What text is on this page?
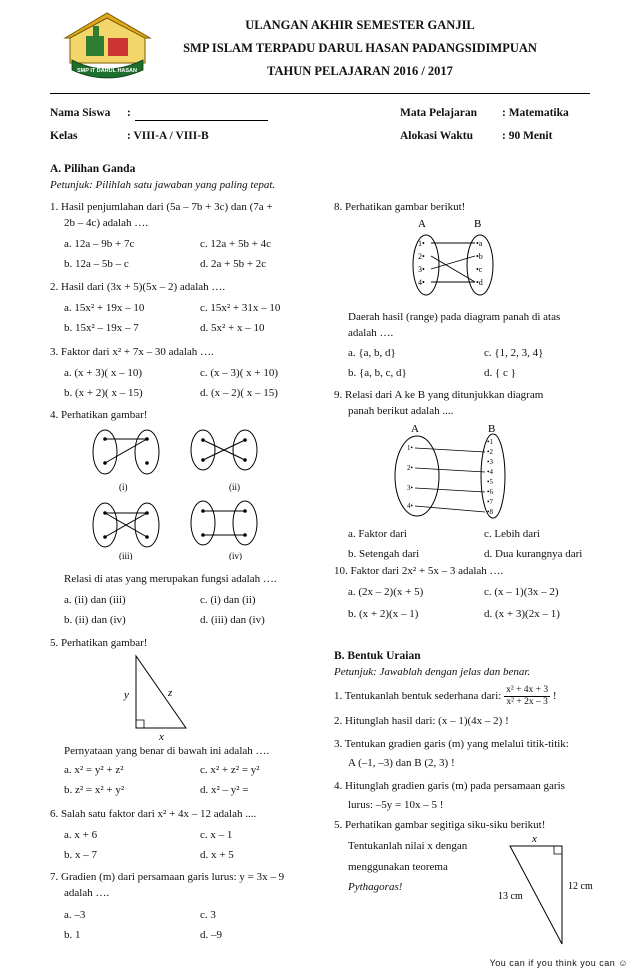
SMP IT DARUL HASAN
ULANGAN AKHIR SEMESTER GANJIL
SMP ISLAM TERPADU DARUL HASAN PADANGSIDIMPUAN
TAHUN PELAJARAN 2016 / 2017
Nama Siswa :
Kelas	: VIII-A / VIII-B
Mata Pelajaran : Matematika
Alokasi Waktu	: 90 Menit
A. Pilihan Ganda
Petunjuk: Pilihlah satu jawaban yang paling tepat.
1. Hasil penjumlahan dari (5a – 7b + 3c) dan (7a +
2b – 4c) adalah ….
a. 12a – 9b + 7c	c. 12a + 5b + 4c
b. 12a – 5b – c	d. 2a + 5b + 2c
2. Hasil dari (3x + 5)(5x – 2) adalah ….
a. 15x² + 19x – 10	c. 15x² + 31x – 10
b. 15x² – 19x – 7	d. 5x² + x – 10
3. Faktor dari x² + 7x – 30 adalah ….
a. (x + 3)( x – 10)	c. (x – 3)( x + 10)
b. (x + 2)( x – 15)	d. (x – 2)( x – 15)
4. Perhatikan gambar!
(i)	(ii)
(iii)	(iv)
Relasi di atas yang merupakan fungsi adalah ….
a. (ii) dan (iii)	c. (i) dan (ii)
b. (ii) dan (iv)	d. (iii) dan (iv)
5. Perhatikan gambar!
y	z
x
Pernyataan yang benar di bawah ini adalah ….
a. x² = y² + z²	c. x² + z² = y²
b. z² = x² + y²	d. x² – y² =
6. Salah satu faktor dari x² + 4x – 12 adalah ....
a. x + 6	c. x – 1
b. x – 7	d. x + 5
7. Gradien (m) dari persamaan garis lurus: y = 3x – 9
adalah ….
a. –3	c. 3
b. 1	d. –9
8. Perhatikan gambar berikut!
A	B
1•
2•
3•
4•
•a
•b
•c
•d
Daerah hasil (range) pada diagram panah di atas
adalah ….
a. {a, b, d}	c. {1, 2, 3, 4}
b. {a, b, c, d}	d. { c }
9. Relasi dari A ke B yang ditunjukkan diagram
panah berikut adalah ....
A	B
1•
2•
3•
4•
•1
•2
•3
•4
•5
•6
•7
•8
a. Faktor dari	c. Lebih dari
b. Setengah dari	d. Dua kurangnya dari
10. Faktor dari 2x² + 5x – 3 adalah ….
a. (2x – 2)(x + 5)	c. (x – 1)(3x – 2)
b. (x + 2)(x – 1)	d. (x + 3)(2x – 1)
B. Bentuk Uraian
Petunjuk: Jawablah dengan jelas dan benar.
1. Tentukanlah bentuk sederhana dari: $\frac{\text{x² + 4x + 3}}{\text{x² + 2x – 3}}$ !
2. Hitunglah hasil dari: (x – 1)(4x – 2) !
3. Tentukan gradien garis (m) yang melalui titik-titik:
A (–1, –3) dan B (2, 3) !
4. Hitunglah gradien garis (m) pada persamaan garis
lurus: –5y = 10x – 5 !
5. Perhatikan gambar segitiga siku-siku berikut!
Tentukanlah nilai x dengan
menggunakan teorema
Pythagoras!
x
13 cm
12 cm
You can if you think you can ☺
